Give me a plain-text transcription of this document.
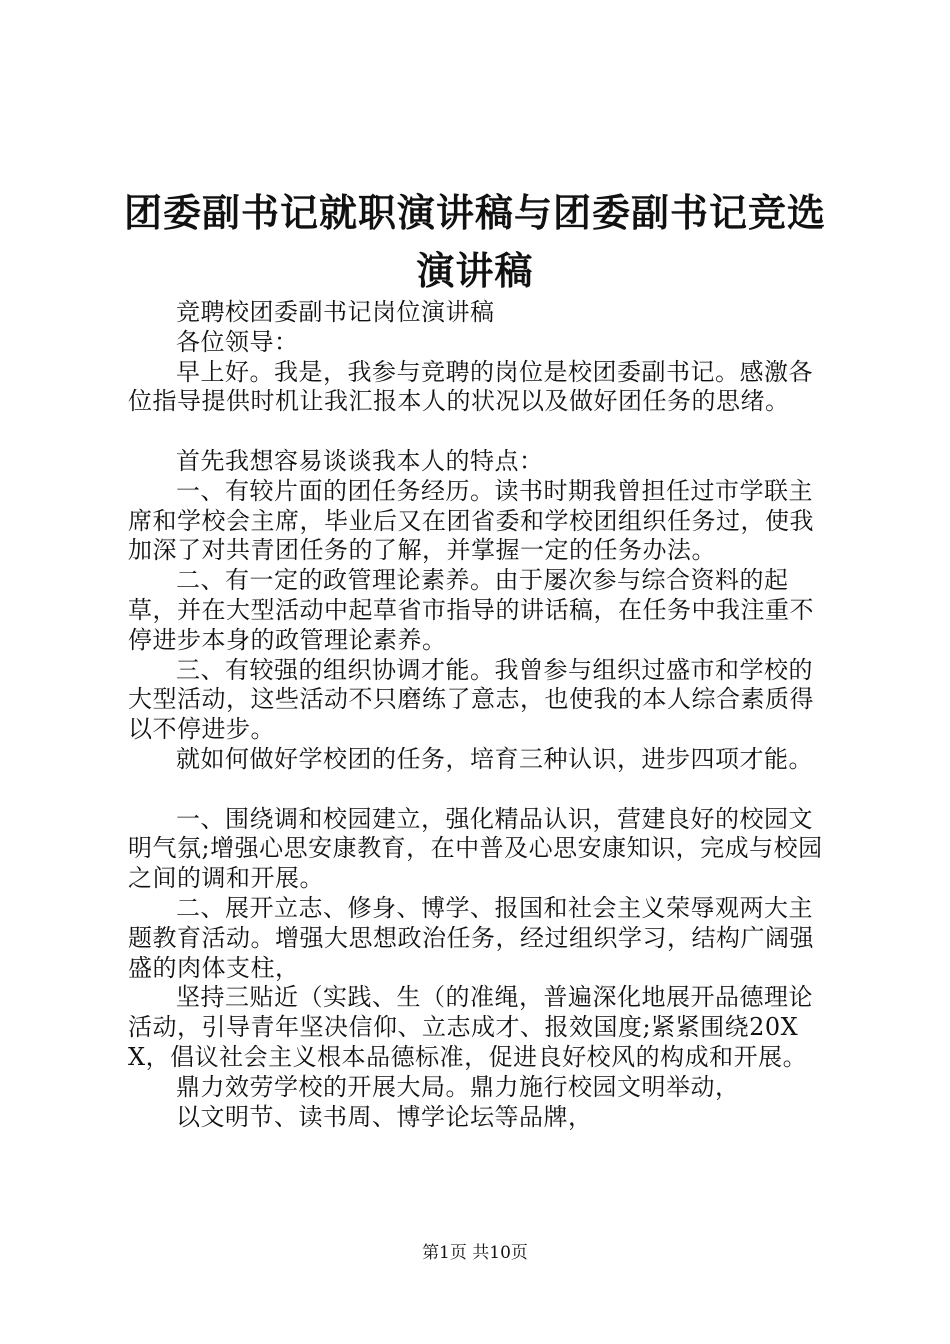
团委副书记就职演讲稿与团委副书记竞选演讲稿

竞聘校团委副书记岗位演讲稿

各位领导：

早上好。我是，我参与竞聘的岗位是校团委副书记。感激各位指导提供时机让我汇报本人的状况以及做好团任务的思绪。

首先我想容易谈谈我本人的特点：

一、有较片面的团任务经历。读书时期我曾担任过市学联主席和学校会主席，毕业后又在团省委和学校团组织任务过，使我加深了对共青团任务的了解，并掌握一定的任务办法。

二、有一定的政管理论素养。由于屡次参与综合资料的起草，并在大型活动中起草省市指导的讲话稿，在任务中我注重不停进步本身的政管理论素养。

三、有较强的组织协调才能。我曾参与组织过盛市和学校的大型活动，这些活动不只磨练了意志，也使我的本人综合素质得以不停进步。

就如何做好学校团的任务，培育三种认识，进步四项才能。

一、围绕调和校园建立，强化精品认识，营建良好的校园文明气氛;增强心思安康教育，在中普及心思安康知识，完成与校园之间的调和开展。

二、展开立志、修身、博学、报国和社会主义荣辱观两大主题教育活动。增强大思想政治任务，经过组织学习，结构广阔强盛的肉体支柱，

坚持三贴近（实践、生（的准绳，普遍深化地展开品德理论活动，引导青年坚决信仰、立志成才、报效国度;紧紧围绕20XX，倡议社会主义根本品德标准，促进良好校风的构成和开展。

鼎力效劳学校的开展大局。鼎力施行校园文明举动，

以文明节、读书周、博学论坛等品牌，

第1页 共10页
